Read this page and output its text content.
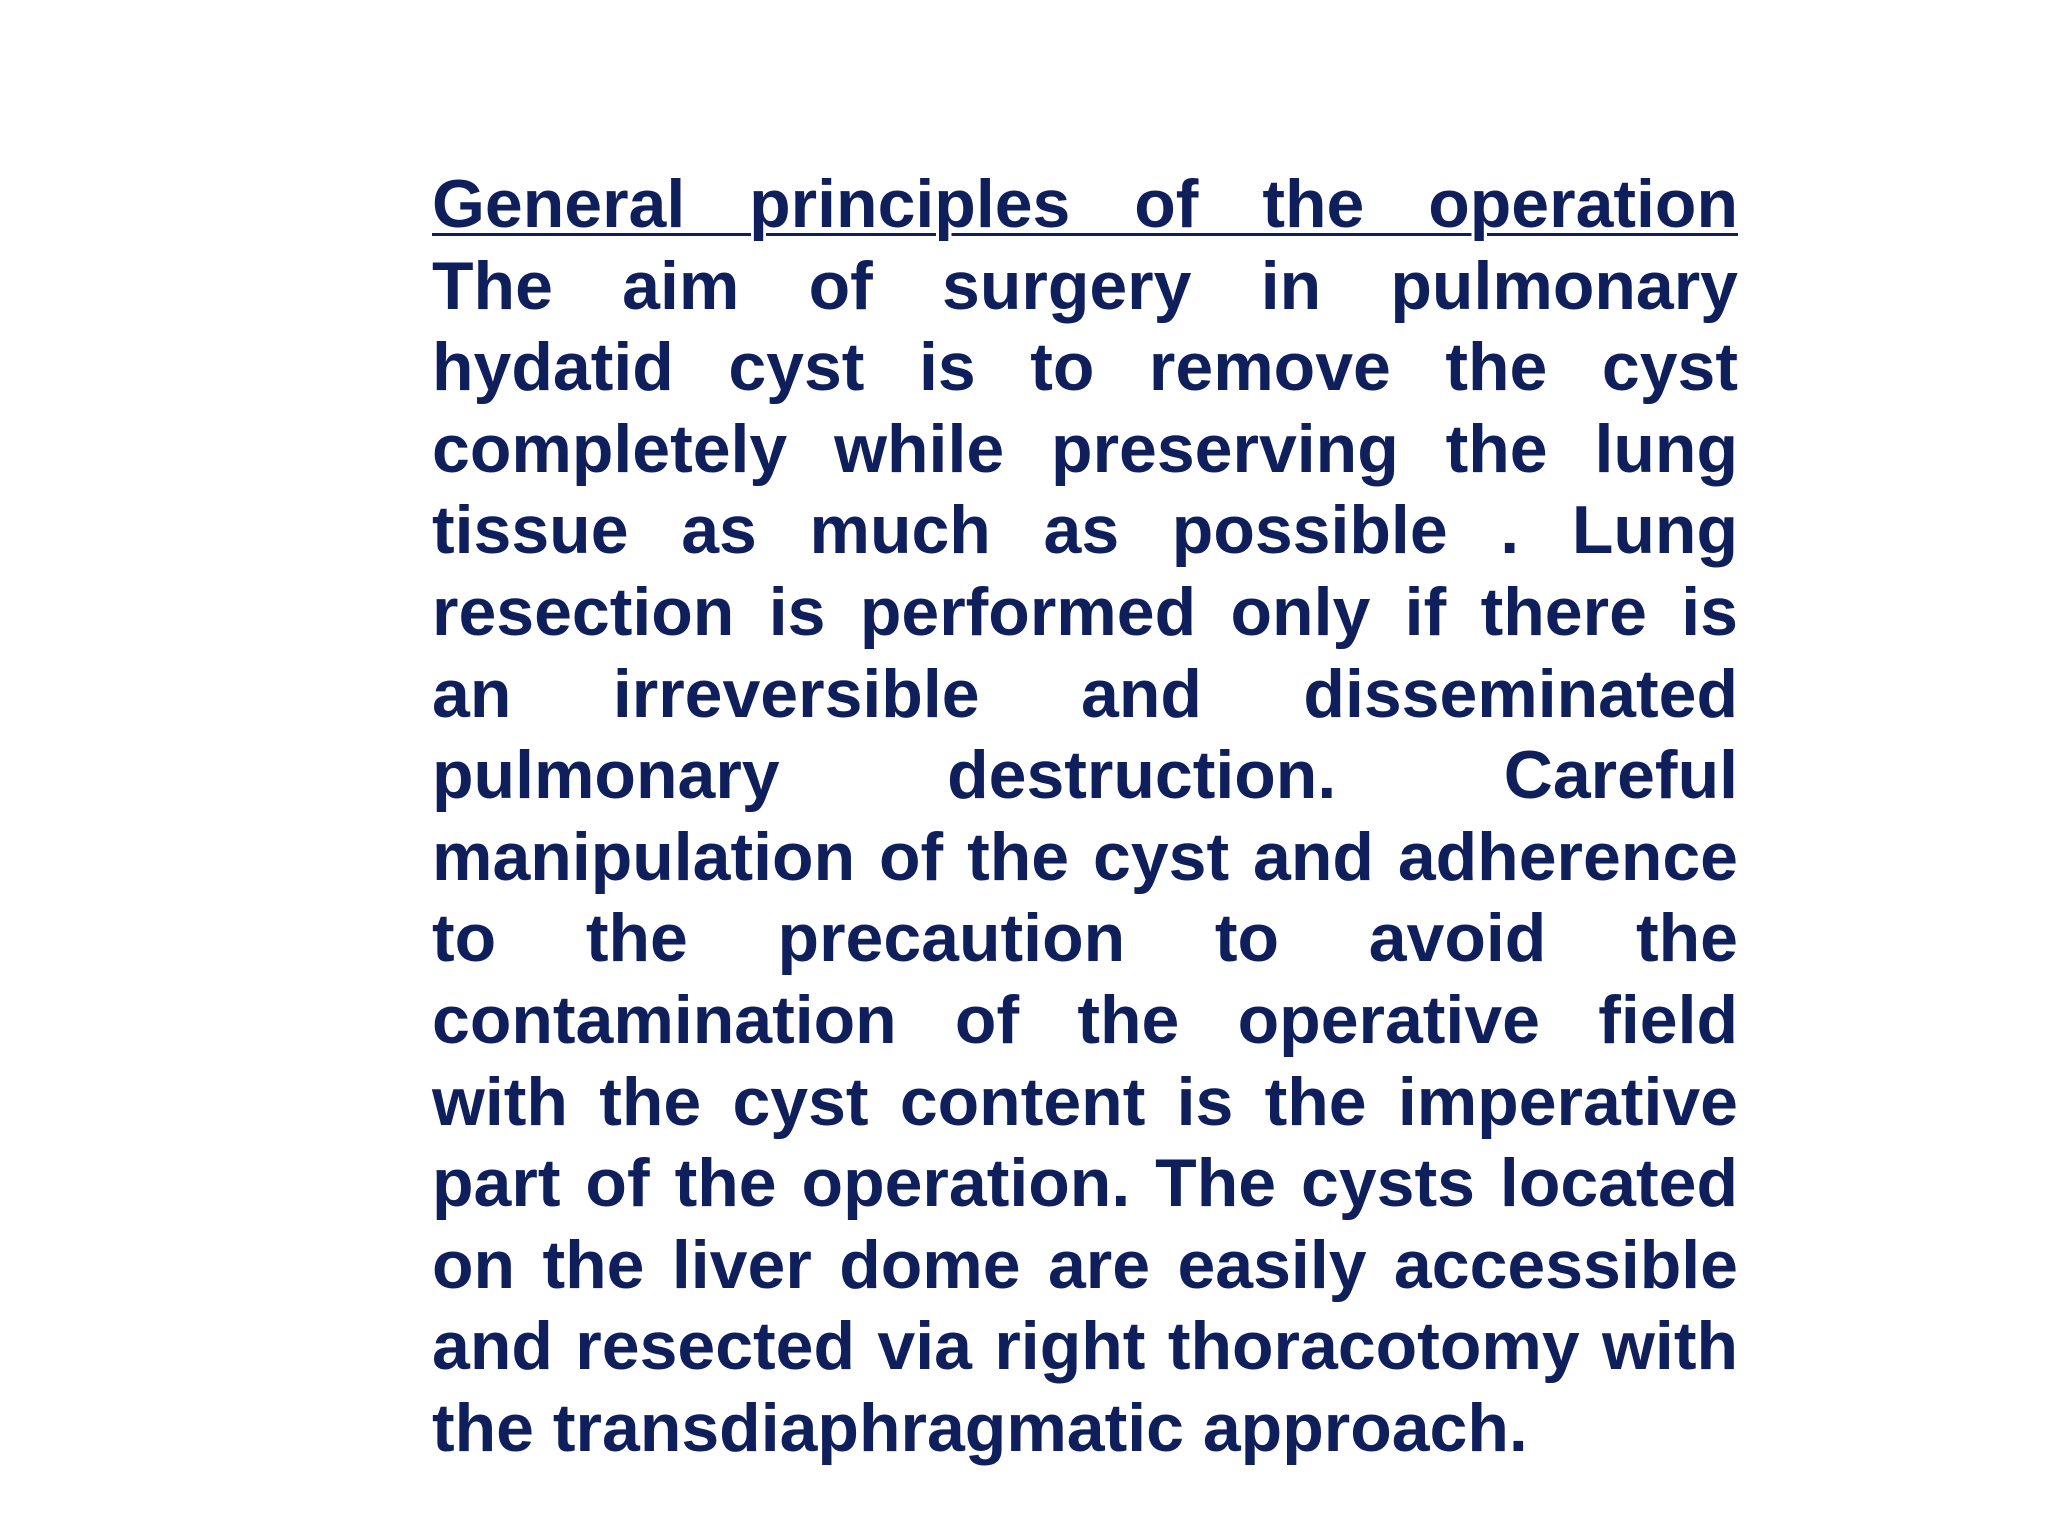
General principles of the operation
The aim of surgery in pulmonary
hydatid cyst is to remove the cyst
completely while preserving the lung
tissue as much as possible . Lung
resection is performed only if there is
an irreversible and disseminated
pulmonary destruction. Careful
manipulation of the cyst and adherence
to the precaution to avoid the
contamination of the operative field
with the cyst content is the imperative
part of the operation. The cysts located
on the liver dome are easily accessible
and resected via right thoracotomy with
the transdiaphragmatic approach.
